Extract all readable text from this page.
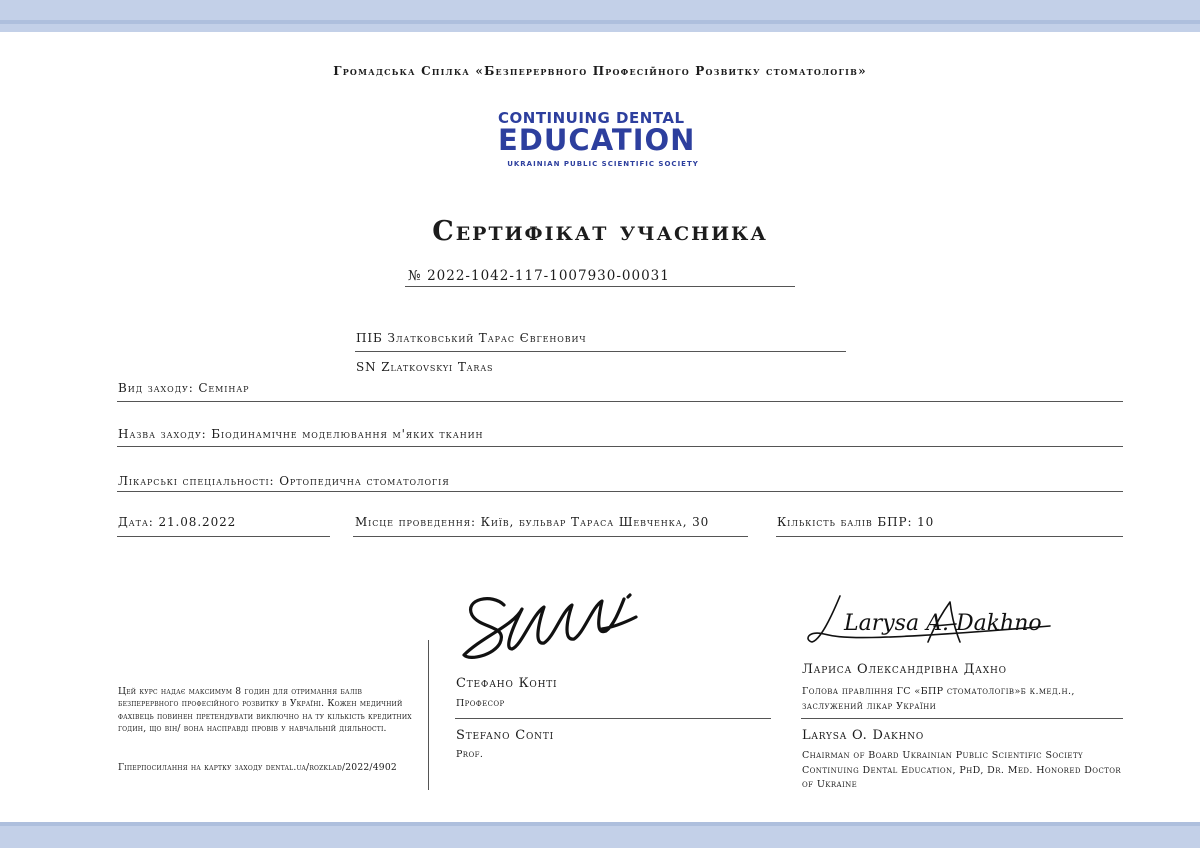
Громадська Спілка «Безперервного Професійного Розвитку стоматологів»
CONTINUING DENTAL
EDUCATION
UKRAINIAN PUBLIC SCIENTIFIC SOCIETY
Сертифікат учасника
№ 2022-1042-117-1007930-00031
ПІБ Златковський Тарас Євгенович
SN Zlatkovskyi Taras
Вид заходу: Семінар
Назва заходу: Біодинамічне моделювання м'яких тканин
Лікарські спеціальності: Ортопедична стоматологія
Дата: 21.08.2022	Місце проведення: Київ, бульвар Тараса Шевченка, 30	Кількість балів БПР: 10
Цей курс надає максимум 8 годин для отримання балів безперервного професійного розвитку в Україні. Кожен медичний фахівець повинен претендувати виключно на ту кількість кредитних годин, що він/ вона насправді провів у навчальній діяльності.
Гіперпосилання на картку заходу dental.ua/rozklad/2022/4902
Larysa A. Dakhno
Стефано Конті
Професор
Stefano Conti
Prof.
Лариса Олександрівна Дахно
Голова правління ГС «БПР стоматологів»б к.мед.н., заслужений лікар України
Larysa O. Dakhno
Chairman of Board Ukrainian Public Scientific Society Continuing Dental Education, PhD, Dr. Med. Honored Doctor of Ukraine
